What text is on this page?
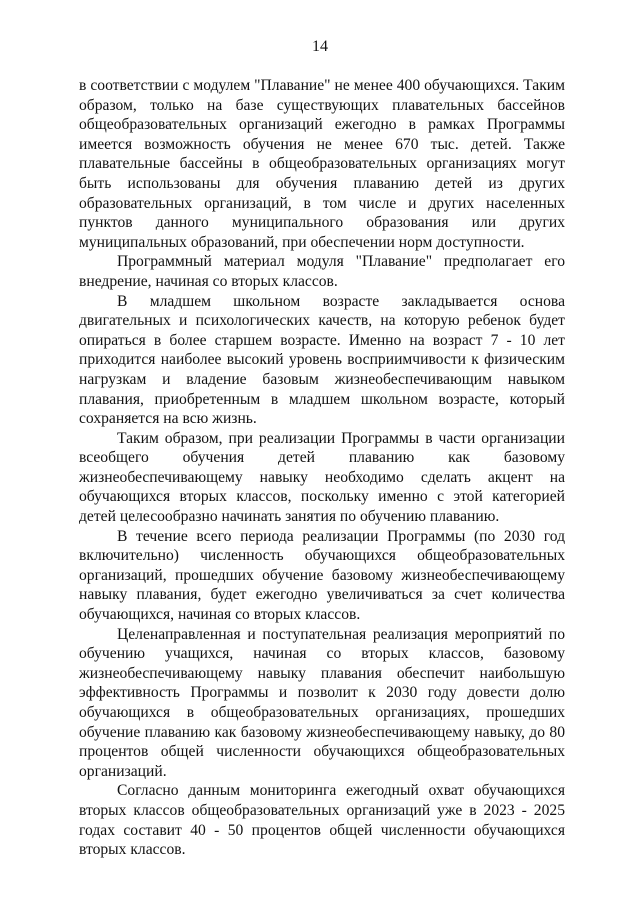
14

в соответствии с модулем "Плавание" не менее 400 обучающихся. Таким образом, только на базе существующих плавательных бассейнов общеобразовательных организаций ежегодно в рамках Программы имеется возможность обучения не менее 670 тыс. детей. Также плавательные бассейны в общеобразовательных организациях могут быть использованы для обучения плаванию детей из других образовательных организаций, в том числе и других населенных пунктов данного муниципального образования или других муниципальных образований, при обеспечении норм доступности.

Программный материал модуля "Плавание" предполагает его внедрение, начиная со вторых классов.

В младшем школьном возрасте закладывается основа двигательных и психологических качеств, на которую ребенок будет опираться в более старшем возрасте. Именно на возраст 7 - 10 лет приходится наиболее высокий уровень восприимчивости к физическим нагрузкам и владение базовым жизнеобеспечивающим навыком плавания, приобретенным в младшем школьном возрасте, который сохраняется на всю жизнь.

Таким образом, при реализации Программы в части организации всеобщего обучения детей плаванию как базовому жизнеобеспечивающему навыку необходимо сделать акцент на обучающихся вторых классов, поскольку именно с этой категорией детей целесообразно начинать занятия по обучению плаванию.

В течение всего периода реализации Программы (по 2030 год включительно) численность обучающихся общеобразовательных организаций, прошедших обучение базовому жизнеобеспечивающему навыку плавания, будет ежегодно увеличиваться за счет количества обучающихся, начиная со вторых классов.

Целенаправленная и поступательная реализация мероприятий по обучению учащихся, начиная со вторых классов, базовому жизнеобеспечивающему навыку плавания обеспечит наибольшую эффективность Программы и позволит к 2030 году довести долю обучающихся в общеобразовательных организациях, прошедших обучение плаванию как базовому жизнеобеспечивающему навыку, до 80 процентов общей численности обучающихся общеобразовательных организаций.

Согласно данным мониторинга ежегодный охват обучающихся вторых классов общеобразовательных организаций уже в 2023 - 2025 годах составит 40 - 50 процентов общей численности обучающихся вторых классов.
